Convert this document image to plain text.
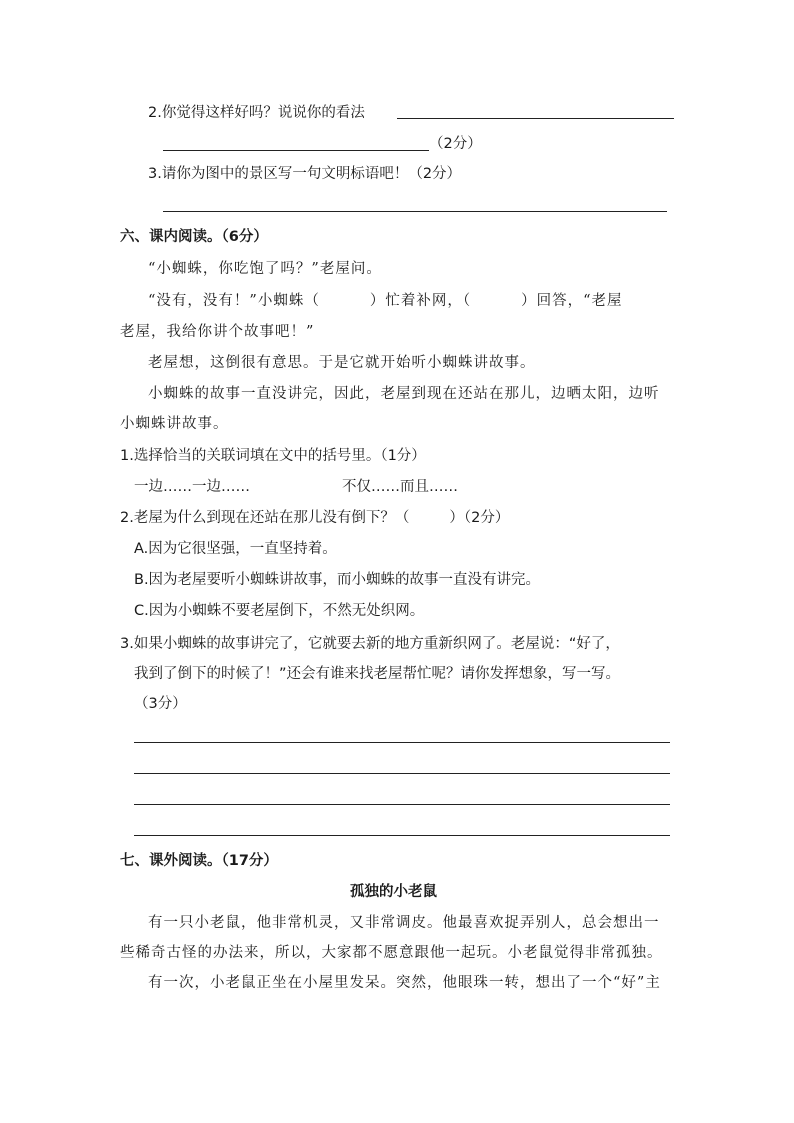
2.你觉得这样好吗？说说你的看法
（2分）
3.请你为图中的景区写一句文明标语吧！（2分）
六、课内阅读。（6分）
“小蜘蛛，你吃饱了吗？”老屋问。
“没有，没有！”小蜘蛛（	）忙着补网，（	）回答，“老屋
老屋，我给你讲个故事吧！”
老屋想，这倒很有意思。于是它就开始听小蜘蛛讲故事。
小蜘蛛的故事一直没讲完，因此，老屋到现在还站在那儿，边晒太阳，边听
小蜘蛛讲故事。
1.选择恰当的关联词填在文中的括号里。（1分）
一边……一边……	不仅……而且……
2.老屋为什么到现在还站在那儿没有倒下？（	）（2分）
A.因为它很坚强，一直坚持着。
B.因为老屋要听小蜘蛛讲故事，而小蜘蛛的故事一直没有讲完。
C.因为小蜘蛛不要老屋倒下，不然无处织网。
3.如果小蜘蛛的故事讲完了，它就要去新的地方重新织网了。老屋说：“好了，
我到了倒下的时候了！”还会有谁来找老屋帮忙呢？请你发挥想象，写一写。
（3分）
七、课外阅读。（17分）
孤独的小老鼠
有一只小老鼠，他非常机灵，又非常调皮。他最喜欢捉弄别人，总会想出一
些稀奇古怪的办法来，所以，大家都不愿意跟他一起玩。小老鼠觉得非常孤独。
有一次，小老鼠正坐在小屋里发呆。突然，他眼珠一转，想出了一个“好”主
